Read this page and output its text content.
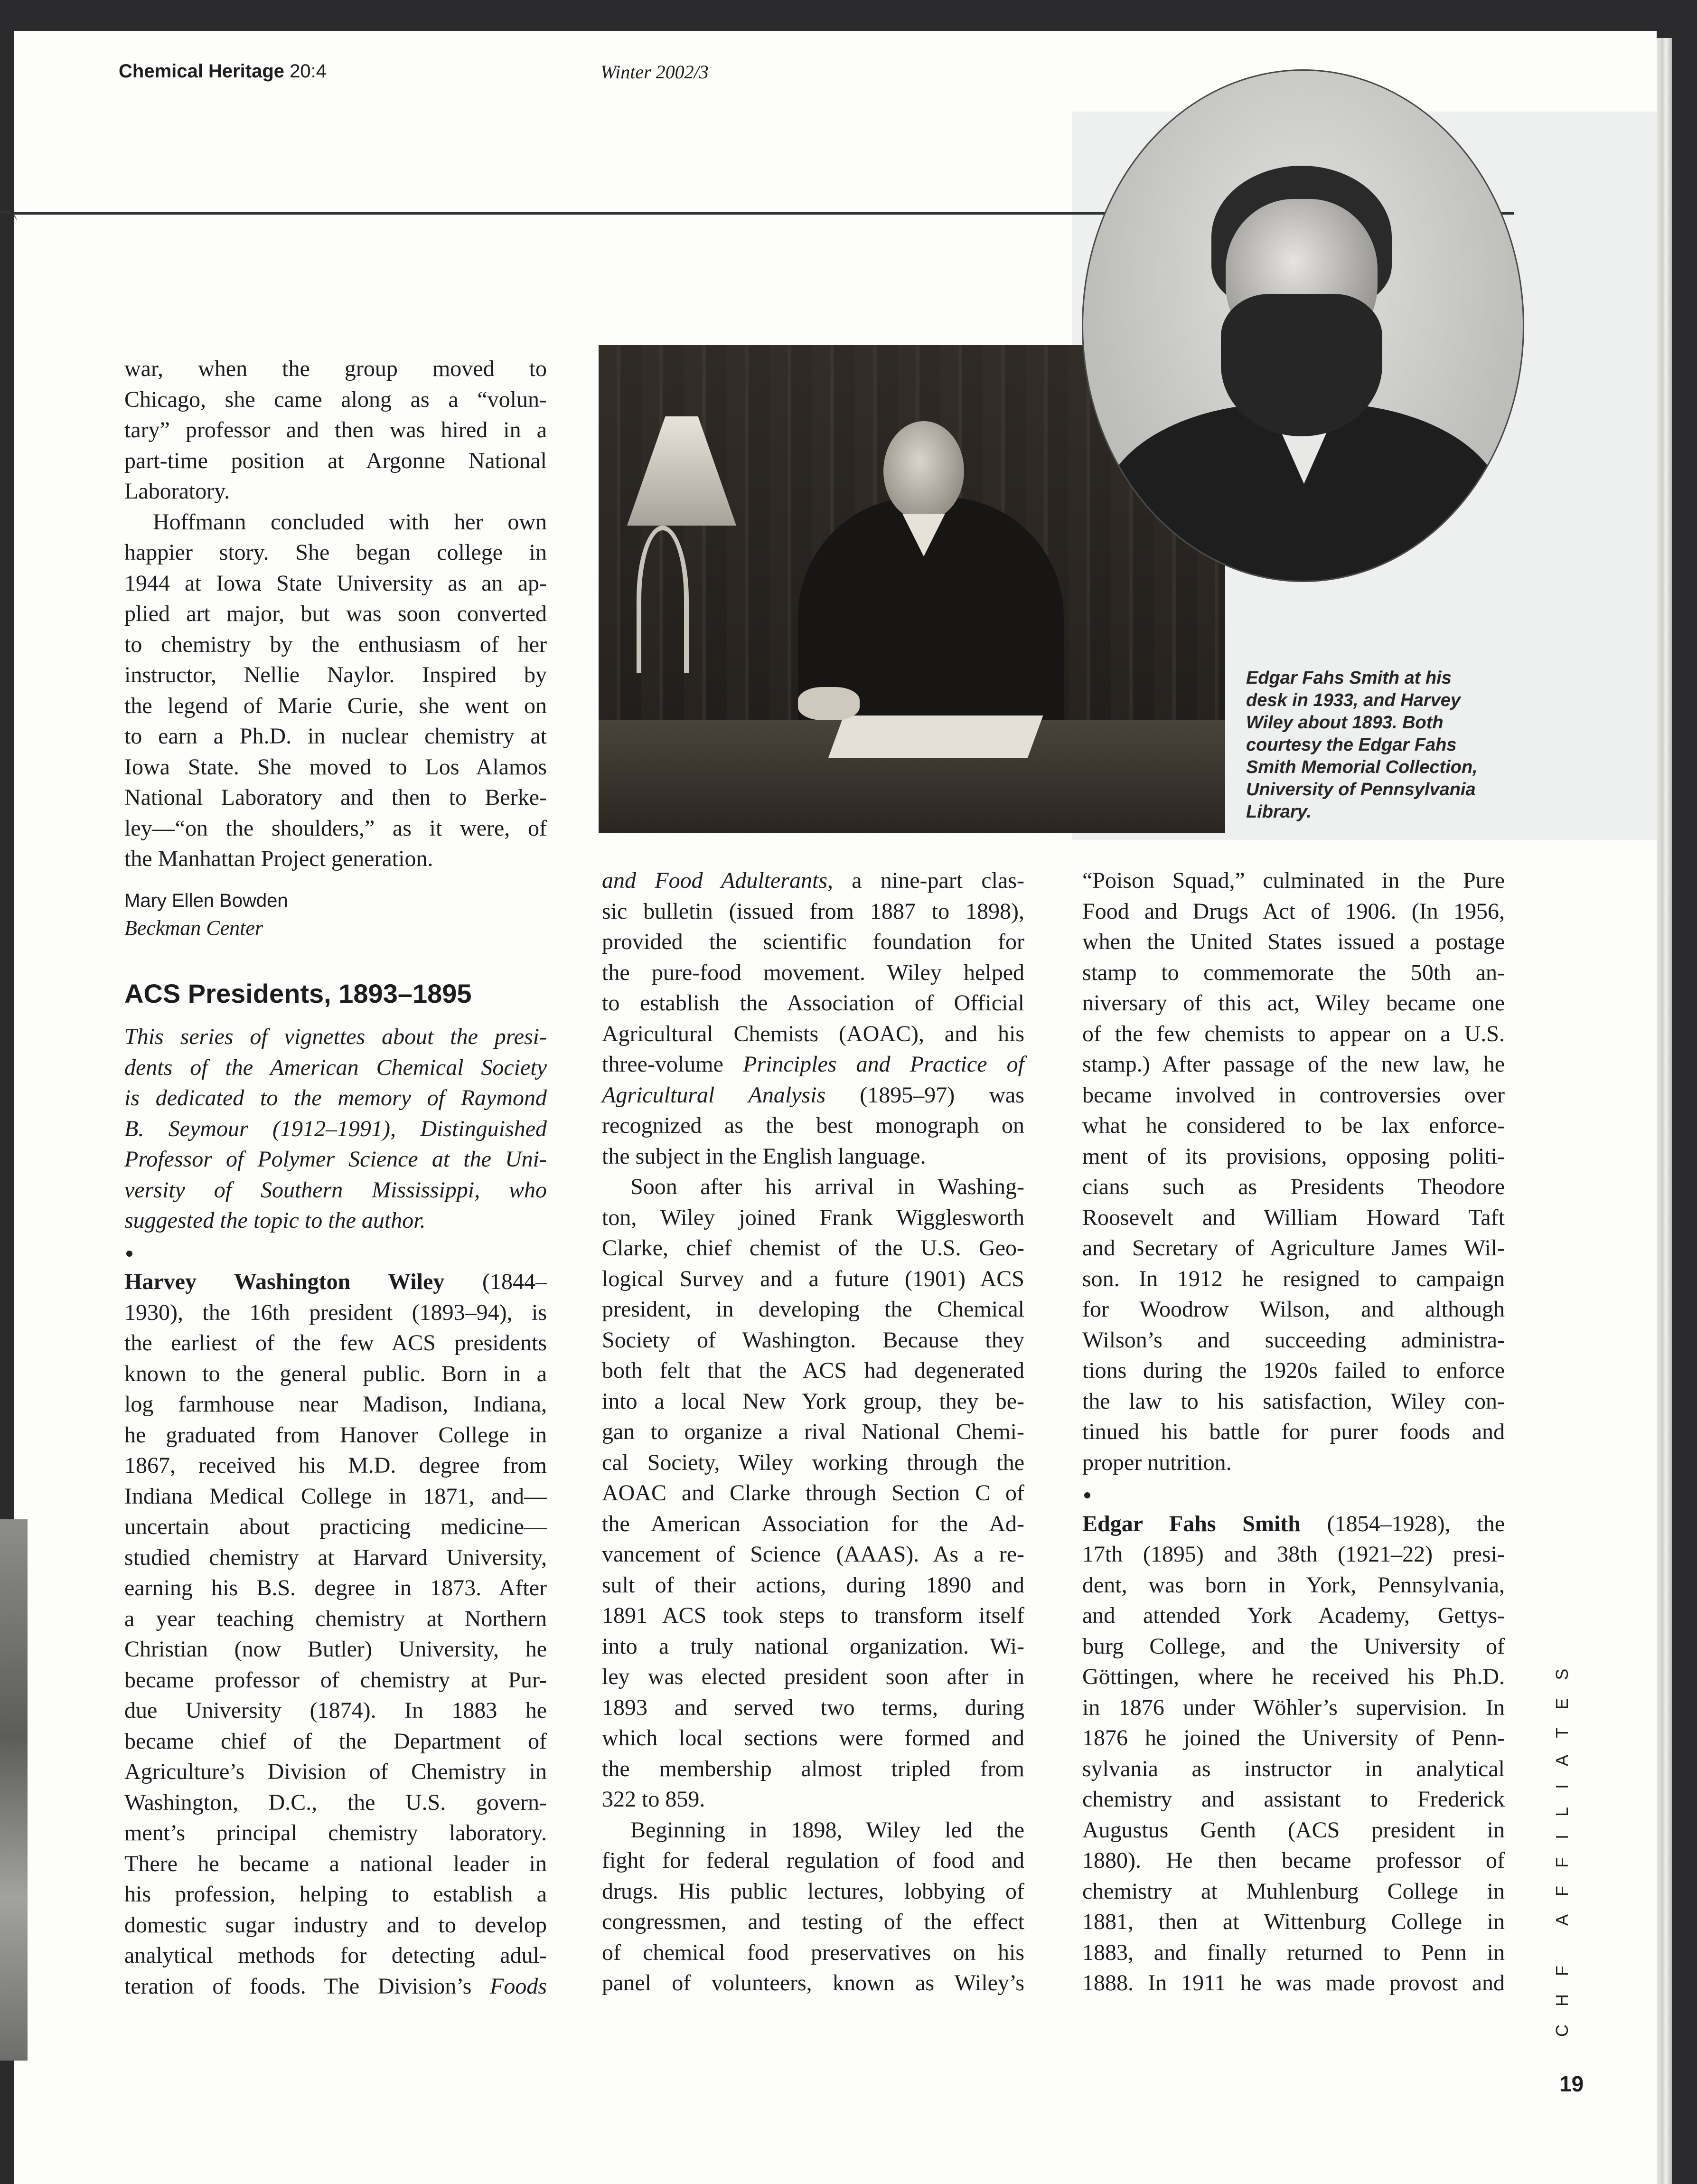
Chemical Heritage 20:4	Winter 2002/3
Edgar Fahs Smith at his
desk in 1933, and Harvey
Wiley about 1893. Both
courtesy the Edgar Fahs
Smith Memorial Collection,
University of Pennsylvania
Library.
war, when the group moved to
Chicago, she came along as a “volun-
tary” professor and then was hired in a
part-time position at Argonne National
Laboratory.
Hoffmann concluded with her own
happier story. She began college in
1944 at Iowa State University as an ap-
plied art major, but was soon converted
to chemistry by the enthusiasm of her
instructor, Nellie Naylor. Inspired by
the legend of Marie Curie, she went on
to earn a Ph.D. in nuclear chemistry at
Iowa State. She moved to Los Alamos
National Laboratory and then to Berke-
ley—“on the shoulders,” as it were, of
the Manhattan Project generation.
Mary Ellen Bowden
Beckman Center
ACS Presidents, 1893–1895
This series of vignettes about the presi-
dents of the American Chemical Society
is dedicated to the memory of Raymond
B. Seymour (1912–1991), Distinguished
Professor of Polymer Science at the Uni-
versity of Southern Mississippi, who
suggested the topic to the author.
Harvey Washington Wiley (1844–
1930), the 16th president (1893–94), is
the earliest of the few ACS presidents
known to the general public. Born in a
log farmhouse near Madison, Indiana,
he graduated from Hanover College in
1867, received his M.D. degree from
Indiana Medical College in 1871, and—
uncertain about practicing medicine—
studied chemistry at Harvard University,
earning his B.S. degree in 1873. After
a year teaching chemistry at Northern
Christian (now Butler) University, he
became professor of chemistry at Pur-
due University (1874). In 1883 he
became chief of the Department of
Agriculture’s Division of Chemistry in
Washington, D.C., the U.S. govern-
ment’s principal chemistry laboratory.
There he became a national leader in
his profession, helping to establish a
domestic sugar industry and to develop
analytical methods for detecting adul-
teration of foods. The Division’s Foods
and Food Adulterants, a nine-part clas-
sic bulletin (issued from 1887 to 1898),
provided the scientific foundation for
the pure-food movement. Wiley helped
to establish the Association of Official
Agricultural Chemists (AOAC), and his
three-volume Principles and Practice of
Agricultural Analysis (1895–97) was
recognized as the best monograph on
the subject in the English language.
Soon after his arrival in Washing-
ton, Wiley joined Frank Wigglesworth
Clarke, chief chemist of the U.S. Geo-
logical Survey and a future (1901) ACS
president, in developing the Chemical
Society of Washington. Because they
both felt that the ACS had degenerated
into a local New York group, they be-
gan to organize a rival National Chemi-
cal Society, Wiley working through the
AOAC and Clarke through Section C of
the American Association for the Ad-
vancement of Science (AAAS). As a re-
sult of their actions, during 1890 and
1891 ACS took steps to transform itself
into a truly national organization. Wi-
ley was elected president soon after in
1893 and served two terms, during
which local sections were formed and
the membership almost tripled from
322 to 859.
Beginning in 1898, Wiley led the
fight for federal regulation of food and
drugs. His public lectures, lobbying of
congressmen, and testing of the effect
of chemical food preservatives on his
panel of volunteers, known as Wiley’s
“Poison Squad,” culminated in the Pure
Food and Drugs Act of 1906. (In 1956,
when the United States issued a postage
stamp to commemorate the 50th an-
niversary of this act, Wiley became one
of the few chemists to appear on a U.S.
stamp.) After passage of the new law, he
became involved in controversies over
what he considered to be lax enforce-
ment of its provisions, opposing politi-
cians such as Presidents Theodore
Roosevelt and William Howard Taft
and Secretary of Agriculture James Wil-
son. In 1912 he resigned to campaign
for Woodrow Wilson, and although
Wilson’s and succeeding administra-
tions during the 1920s failed to enforce
the law to his satisfaction, Wiley con-
tinued his battle for purer foods and
proper nutrition.
Edgar Fahs Smith (1854–1928), the
17th (1895) and 38th (1921–22) presi-
dent, was born in York, Pennsylvania,
and attended York Academy, Gettys-
burg College, and the University of
Göttingen, where he received his Ph.D.
in 1876 under Wöhler’s supervision. In
1876 he joined the University of Penn-
sylvania as instructor in analytical
chemistry and assistant to Frederick
Augustus Genth (ACS president in
1880). He then became professor of
chemistry at Muhlenburg College in
1881, then at Wittenburg College in
1883, and finally returned to Penn in
1888. In 1911 he was made provost and	CHF AFFILIATES
19
